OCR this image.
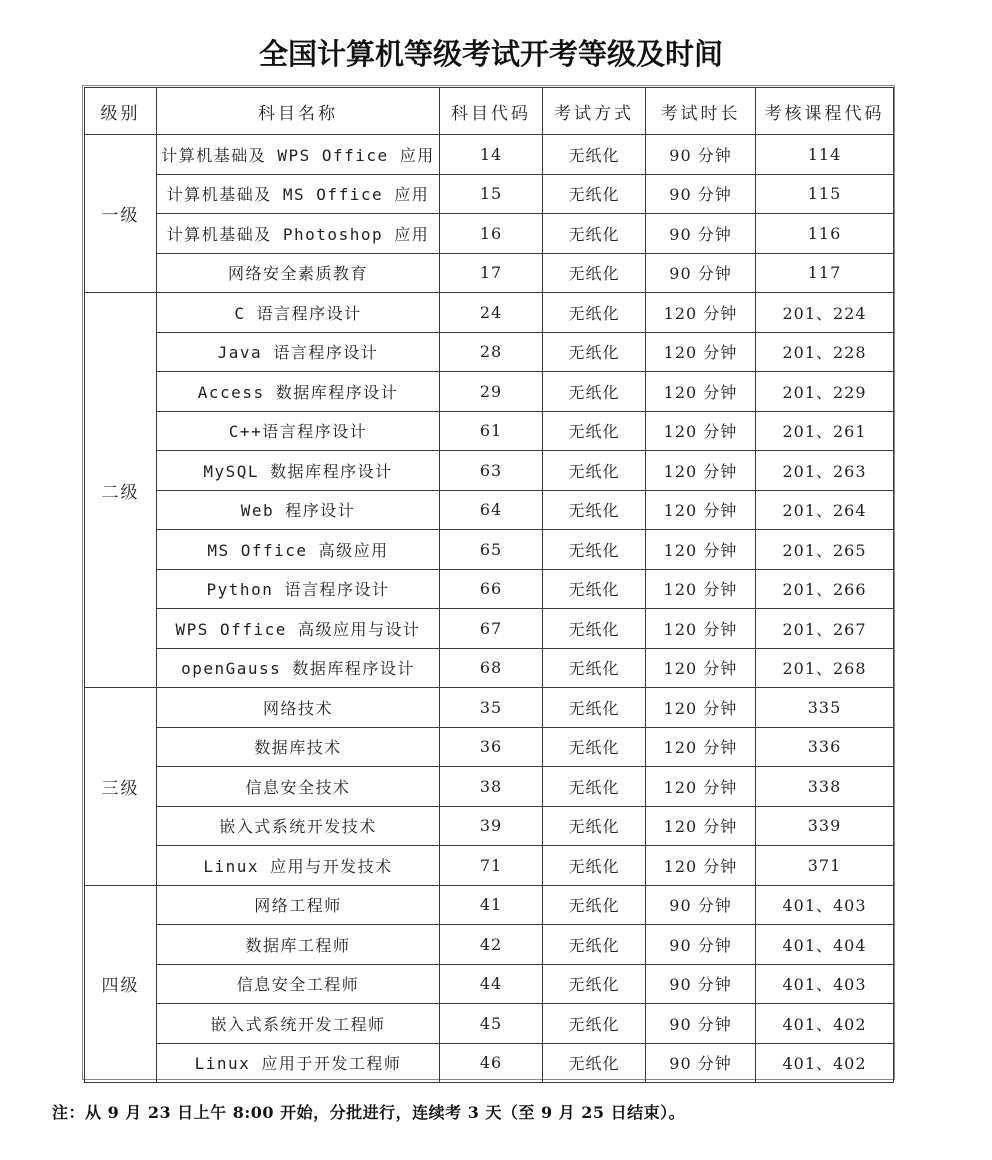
全国计算机等级考试开考等级及时间
级别	科目名称	科目代码	考试方式	考试时长	考核课程代码
一级	计算机基础及 WPS Office 应用	14	无纸化	90 分钟	114
	计算机基础及 MS Office 应用	15	无纸化	90 分钟	115
	计算机基础及 Photoshop 应用	16	无纸化	90 分钟	116
	网络安全素质教育	17	无纸化	90 分钟	117
二级	C 语言程序设计	24	无纸化	120 分钟	201、224
	Java 语言程序设计	28	无纸化	120 分钟	201、228
	Access 数据库程序设计	29	无纸化	120 分钟	201、229
	C++语言程序设计	61	无纸化	120 分钟	201、261
	MySQL 数据库程序设计	63	无纸化	120 分钟	201、263
	Web 程序设计	64	无纸化	120 分钟	201、264
	MS Office 高级应用	65	无纸化	120 分钟	201、265
	Python 语言程序设计	66	无纸化	120 分钟	201、266
	WPS Office 高级应用与设计	67	无纸化	120 分钟	201、267
	openGauss 数据库程序设计	68	无纸化	120 分钟	201、268
三级	网络技术	35	无纸化	120 分钟	335
	数据库技术	36	无纸化	120 分钟	336
	信息安全技术	38	无纸化	120 分钟	338
	嵌入式系统开发技术	39	无纸化	120 分钟	339
	Linux 应用与开发技术	71	无纸化	120 分钟	371
四级	网络工程师	41	无纸化	90 分钟	401、403
	数据库工程师	42	无纸化	90 分钟	401、404
	信息安全工程师	44	无纸化	90 分钟	401、403
	嵌入式系统开发工程师	45	无纸化	90 分钟	401、402
	Linux 应用于开发工程师	46	无纸化	90 分钟	401、402
注：从 9 月 23 日上午 8:00 开始，分批进行，连续考 3 天（至 9 月 25 日结束）。
